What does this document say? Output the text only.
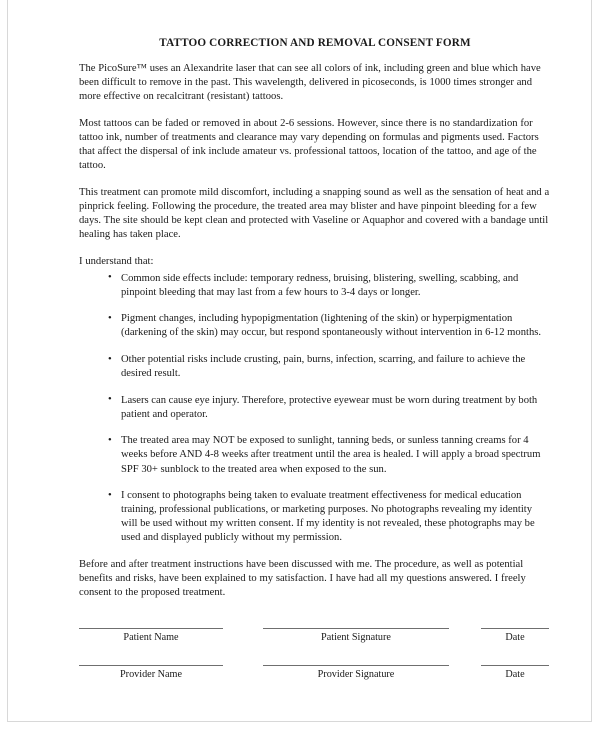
TATTOO CORRECTION AND REMOVAL CONSENT FORM

The PicoSure™ uses an Alexandrite laser that can see all colors of ink, including green and blue which have been difficult to remove in the past. This wavelength, delivered in picoseconds, is 1000 times stronger and more effective on recalcitrant (resistant) tattoos.

Most tattoos can be faded or removed in about 2-6 sessions. However, since there is no standardization for tattoo ink, number of treatments and clearance may vary depending on formulas and pigments used. Factors that affect the dispersal of ink include amateur vs. professional tattoos, location of the tattoo, and age of the tattoo.

This treatment can promote mild discomfort, including a snapping sound as well as the sensation of heat and a pinprick feeling. Following the procedure, the treated area may blister and have pinpoint bleeding for a few days. The site should be kept clean and protected with Vaseline or Aquaphor and covered with a bandage until healing has taken place.

I understand that:

• Common side effects include: temporary redness, bruising, blistering, swelling, scabbing, and pinpoint bleeding that may last from a few hours to 3-4 days or longer.
• Pigment changes, including hypopigmentation (lightening of the skin) or hyperpigmentation (darkening of the skin) may occur, but respond spontaneously without intervention in 6-12 months.
• Other potential risks include crusting, pain, burns, infection, scarring, and failure to achieve the desired result.
• Lasers can cause eye injury. Therefore, protective eyewear must be worn during treatment by both patient and operator.
• The treated area may NOT be exposed to sunlight, tanning beds, or sunless tanning creams for 4 weeks before AND 4-8 weeks after treatment until the area is healed. I will apply a broad spectrum SPF 30+ sunblock to the treated area when exposed to the sun.
• I consent to photographs being taken to evaluate treatment effectiveness for medical education training, professional publications, or marketing purposes. No photographs revealing my identity will be used without my written consent. If my identity is not revealed, these photographs may be used and displayed publicly without my permission.

Before and after treatment instructions have been discussed with me. The procedure, as well as potential benefits and risks, have been explained to my satisfaction. I have had all my questions answered. I freely consent to the proposed treatment.

Patient Name	Patient Signature	Date
Provider Name	Provider Signature	Date
